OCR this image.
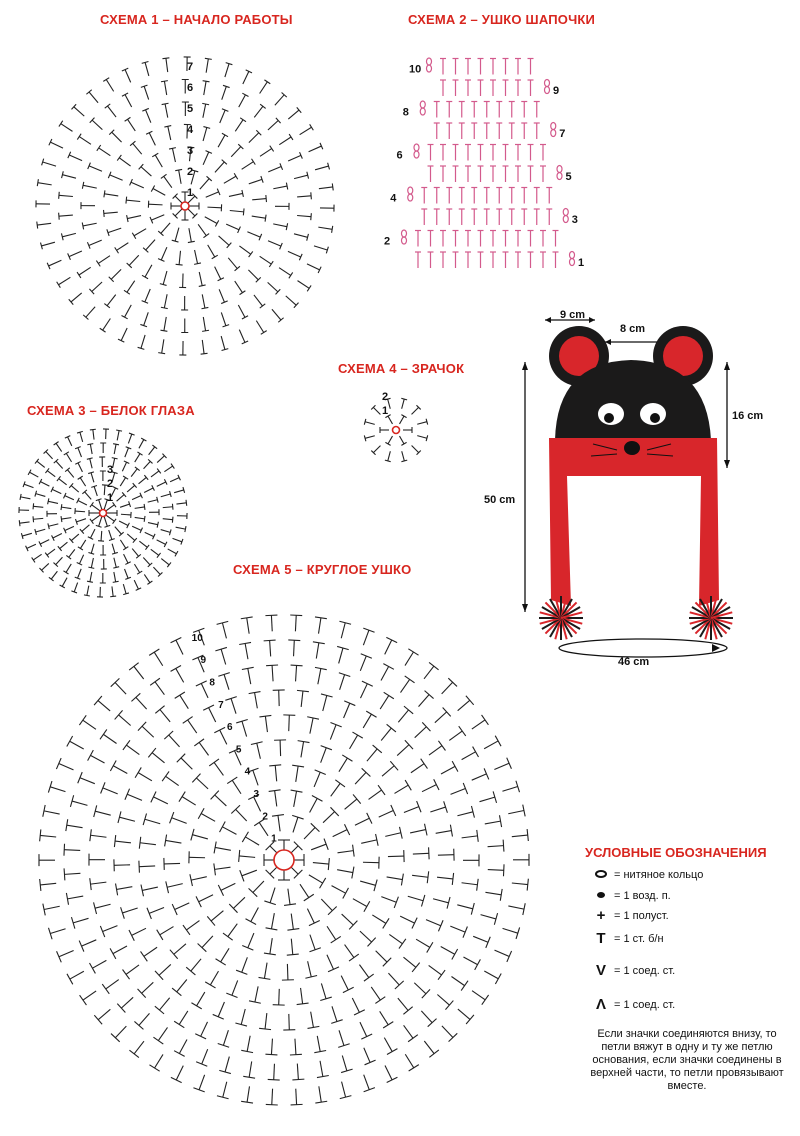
СХЕМА 1 – НАЧАЛО РАБОТЫ
1
2
3
4
5
6
7
СХЕМА 2 – УШКО ШАПОЧКИ
1
2
3
4
5
6
7
8
9
10
СХЕМА 3 – БЕЛОК ГЛАЗА
1
2
3
СХЕМА 4 – ЗРАЧОК
1
2
СХЕМА 5 – КРУГЛОЕ УШКО
1
2
3
4
5
6
7
8
9
10
9 cm
8 cm
16 cm
50 cm
46 cm
УСЛОВНЫЕ ОБОЗНАЧЕНИЯ
= нитяное кольцо
= 1 возд. п.
+ = 1 полуст.
T = 1 ст. б/н
V = 1 соед. ст.
Λ = 1 соед. ст.
Если значки соединяются внизу, то петли вяжут в одну и ту же петлю основания, если значки соединены в верхней части, то петли провязывают вместе.
